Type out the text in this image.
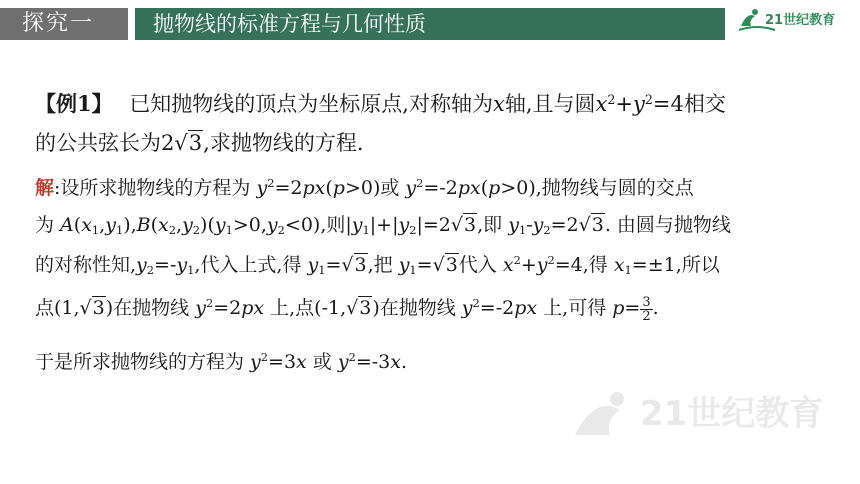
探究一	抛物线的标准方程与几何性质	21世纪教育
【例1】 已知抛物线的顶点为坐标原点,对称轴为x轴,且与圆$x^2+y^2=4$相交
的公共弦长为2√3,求抛物线的方程.
解:设所求抛物线的方程为 $y^2=2px(p>0)$或 $y^2=-2px(p>0)$,抛物线与圆的交点
为 $A(x_1,y_1),B(x_2,y_2)(y_1>0,y_2<0)$,则$|y_1|+|y_2|=2√3$,即 $y_1-y_2=2√3$. 由圆与抛物线
的对称性知$,y_2=-y_1$,代入上式,得 $y_1=√3$,把 $y_1=√3$代入 $x^2+y^2=4$,得 $x_1=\pm 1$,所以
点(1,√3)在抛物线 $y^2=2px$ 上,点(-1,√3)在抛物线 $y^2=-2px$ 上,可得 $p= \frac{3}{2}$ .
于是所求抛物线的方程为 $y^2=3x$ 或 $y^2=-3x$.
21世纪教育
